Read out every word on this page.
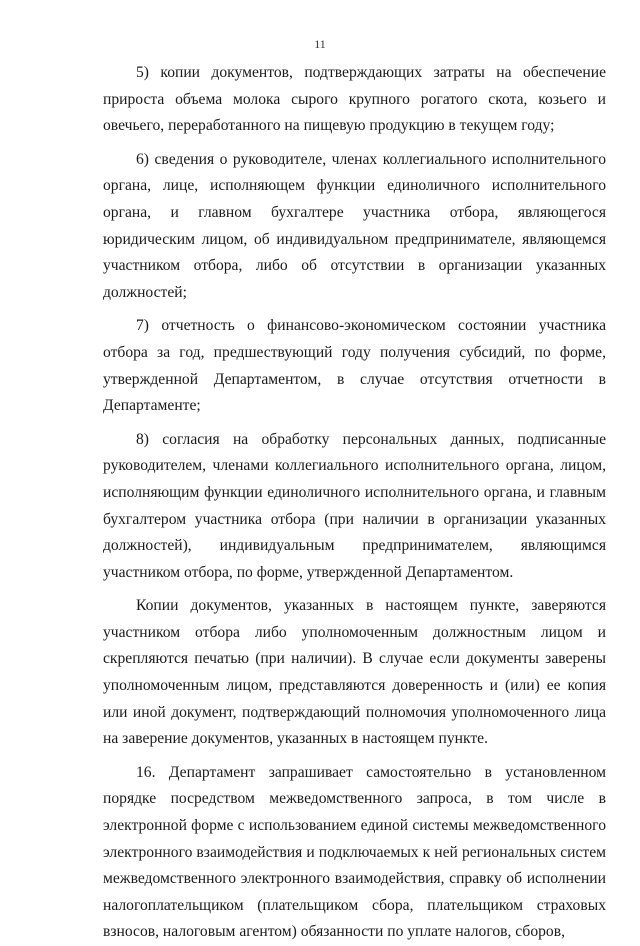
11

5) копии документов, подтверждающих затраты на обеспечение прироста объема молока сырого крупного рогатого скота, козьего и овечьего, переработанного на пищевую продукцию в текущем году;

6) сведения о руководителе, членах коллегиального исполнительного органа, лице, исполняющем функции единоличного исполнительного органа, и главном бухгалтере участника отбора, являющегося юридическим лицом, об индивидуальном предпринимателе, являющемся участником отбора, либо об отсутствии в организации указанных должностей;

7) отчетность о финансово-экономическом состоянии участника отбора за год, предшествующий году получения субсидий, по форме, утвержденной Департаментом, в случае отсутствия отчетности в Департаменте;

8) согласия на обработку персональных данных, подписанные руководителем, членами коллегиального исполнительного органа, лицом, исполняющим функции единоличного исполнительного органа, и главным бухгалтером участника отбора (при наличии в организации указанных должностей), индивидуальным предпринимателем, являющимся участником отбора, по форме, утвержденной Департаментом.

Копии документов, указанных в настоящем пункте, заверяются участником отбора либо уполномоченным должностным лицом и скрепляются печатью (при наличии). В случае если документы заверены уполномоченным лицом, представляются доверенность и (или) ее копия или иной документ, подтверждающий полномочия уполномоченного лица на заверение документов, указанных в настоящем пункте.

16. Департамент запрашивает самостоятельно в установленном порядке посредством межведомственного запроса, в том числе в электронной форме с использованием единой системы межведомственного электронного взаимодействия и подключаемых к ней региональных систем межведомственного электронного взаимодействия, справку об исполнении налогоплательщиком (плательщиком сбора, плательщиком страховых взносов, налоговым агентом) обязанности по уплате налогов, сборов,
